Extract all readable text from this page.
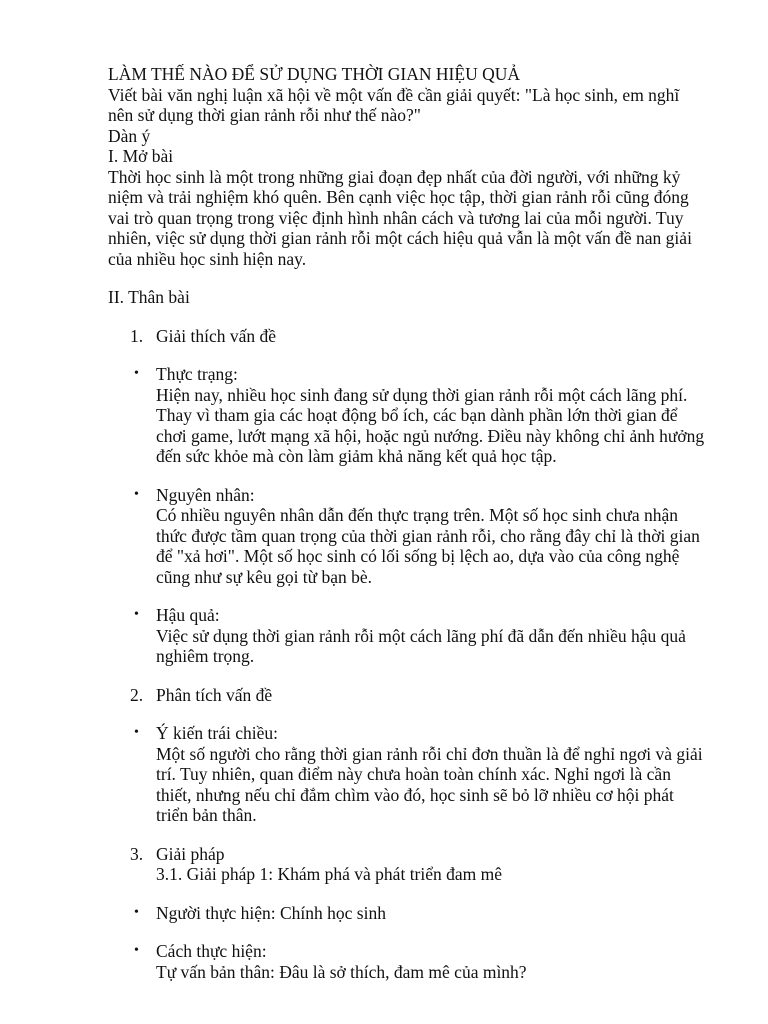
LÀM THẾ NÀO ĐỂ SỬ DỤNG THỜI GIAN HIỆU QUẢ

Viết bài văn nghị luận xã hội về một vấn đề cần giải quyết: "Là học sinh, em nghĩ nên sử dụng thời gian rảnh rỗi như thế nào?"

Dàn ý

I. Mở bài

Thời học sinh là một trong những giai đoạn đẹp nhất của đời người, với những kỷ niệm và trải nghiệm khó quên. Bên cạnh việc học tập, thời gian rảnh rỗi cũng đóng vai trò quan trọng trong việc định hình nhân cách và tương lai của mỗi người. Tuy nhiên, việc sử dụng thời gian rảnh rỗi một cách hiệu quả vẫn là một vấn đề nan giải của nhiều học sinh hiện nay.

II. Thân bài

1. Giải thích vấn đề
• Thực trạng:
Hiện nay, nhiều học sinh đang sử dụng thời gian rảnh rỗi một cách lãng phí. Thay vì tham gia các hoạt động bổ ích, các bạn dành phần lớn thời gian để chơi game, lướt mạng xã hội, hoặc ngủ nướng. Điều này không chỉ ảnh hưởng đến sức khỏe mà còn làm giảm khả năng kết quả học tập.
• Nguyên nhân:
Có nhiều nguyên nhân dẫn đến thực trạng trên. Một số học sinh chưa nhận thức được tầm quan trọng của thời gian rảnh rỗi, cho rằng đây chỉ là thời gian để "xả hơi". Một số học sinh có lối sống bị lệch ao, dựa vào của công nghệ cũng như sự kêu gọi từ bạn bè.
• Hậu quả:
Việc sử dụng thời gian rảnh rỗi một cách lãng phí đã dẫn đến nhiều hậu quả nghiêm trọng.
2. Phân tích vấn đề
• Ý kiến trái chiều:
Một số người cho rằng thời gian rảnh rỗi chỉ đơn thuần là để nghỉ ngơi và giải trí. Tuy nhiên, quan điểm này chưa hoàn toàn chính xác. Nghỉ ngơi là cần thiết, nhưng nếu chỉ đắm chìm vào đó, học sinh sẽ bỏ lỡ nhiều cơ hội phát triển bản thân.
3. Giải pháp
3.1. Giải pháp 1: Khám phá và phát triển đam mê
• Người thực hiện: Chính học sinh
• Cách thực hiện:
Tự vấn bản thân: Đâu là sở thích, đam mê của mình?
